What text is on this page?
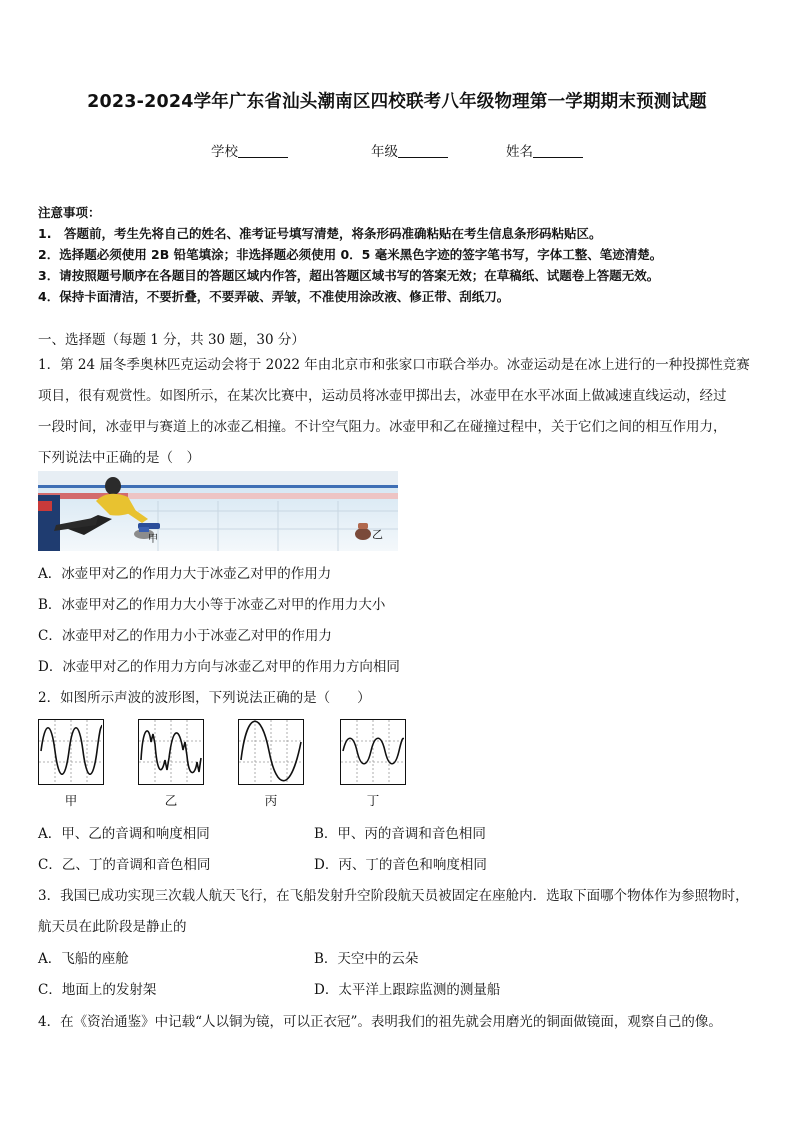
2023-2024学年广东省汕头潮南区四校联考八年级物理第一学期期末预测试题
学校	年级	姓名
注意事项：
1.　答题前，考生先将自己的姓名、准考证号填写清楚，将条形码准确粘贴在考生信息条形码粘贴区。
2．选择题必须使用 2B 铅笔填涂；非选择题必须使用 0．5 毫米黑色字迹的签字笔书写，字体工整、笔迹清楚。
3．请按照题号顺序在各题目的答题区域内作答，超出答题区域书写的答案无效；在草稿纸、试题卷上答题无效。
4．保持卡面清洁，不要折叠，不要弄破、弄皱，不准使用涂改液、修正带、刮纸刀。
一、选择题（每题 1 分，共 30 题，30 分）
1．第 24 届冬季奥林匹克运动会将于 2022 年由北京市和张家口市联合举办。冰壶运动是在冰上进行的一种投掷性竞赛
项目，很有观赏性。如图所示，在某次比赛中，运动员将冰壶甲掷出去，冰壶甲在水平冰面上做减速直线运动，经过
一段时间，冰壶甲与赛道上的冰壶乙相撞。不计空气阻力。冰壶甲和乙在碰撞过程中，关于它们之间的相互作用力，
下列说法中正确的是（　）
甲	乙
A．冰壶甲对乙的作用力大于冰壶乙对甲的作用力
B．冰壶甲对乙的作用力大小等于冰壶乙对甲的作用力大小
C．冰壶甲对乙的作用力小于冰壶乙对甲的作用力
D．冰壶甲对乙的作用力方向与冰壶乙对甲的作用力方向相同
2．如图所示声波的波形图，下列说法正确的是（　　）
甲	乙	丙	丁
A．甲、乙的音调和响度相同	B．甲、丙的音调和音色相同
C．乙、丁的音调和音色相同	D．丙、丁的音色和响度相同
3．我国已成功实现三次载人航天飞行，在飞船发射升空阶段航天员被固定在座舱内．选取下面哪个物体作为参照物时，
航天员在此阶段是静止的
A．飞船的座舱	B．天空中的云朵
C．地面上的发射架	D．太平洋上跟踪监测的测量船
4．在《资治通鉴》中记载“人以铜为镜，可以正衣冠”。表明我们的祖先就会用磨光的铜面做镜面，观察自己的像。
